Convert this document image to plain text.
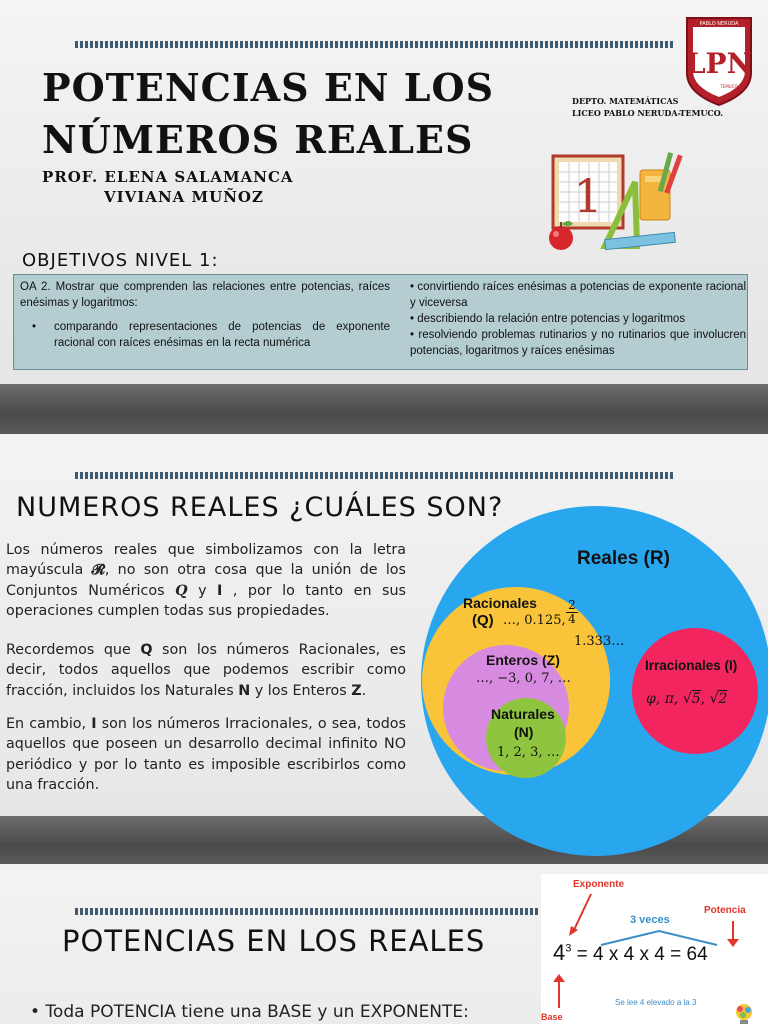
POTENCIAS EN LOS
NÚMEROS REALES
PROF. ELENA SALAMANCA
VIVIANA MUÑOZ
DEPTO. MATEMÁTICAS
LICEO PABLO NERUDA-TEMUCO.
PABLO NERUDA
LPN
TEMUCO
1
OBJETIVOS NIVEL 1:
OA 2. Mostrar que comprenden las relaciones entre potencias, raíces enésimas y logaritmos:
•	comparando representaciones de potencias de exponente racional con raíces enésimas en la recta numérica
• convirtiendo raíces enésimas a potencias de exponente racional y viceversa
• describiendo la relación entre potencias y logaritmos
• resolviendo problemas rutinarios y no rutinarios que involucren potencias, logaritmos y raíces enésimas
Reales (R)
Racionales
(Q) …, 0.125, $\frac{2}{4}$
1.333…
Enteros (Z)
…, −3, 0, 7, …
Naturales
(N)
1, 2, 3, …
Irracionales (I)
φ, π, √5, √2
NUMEROS REALES ¿CUÁLES SON?
Los números reales que simbolizamos con la letra mayúscula 𝓡, no son otra cosa que la unión de los Conjuntos Numéricos 𝑸 y I , por lo tanto en sus operaciones cumplen todas sus propiedades.
Recordemos que Q son los números Racionales, es decir, todos aquellos que podemos escribir como fracción, incluidos los Naturales N y los Enteros Z.
En cambio, I son los números Irracionales, o sea, todos aquellos que poseen un desarrollo decimal infinito NO periódico y por lo tanto es imposible escribirlos como una fracción.
POTENCIAS EN LOS REALES
• Toda POTENCIA tiene una BASE y un EXPONENTE:
Exponente
Potencia
3 veces
$4^3 = 4$ x 4 x 4 = 64
Base
Se lee 4 elevado a la 3
